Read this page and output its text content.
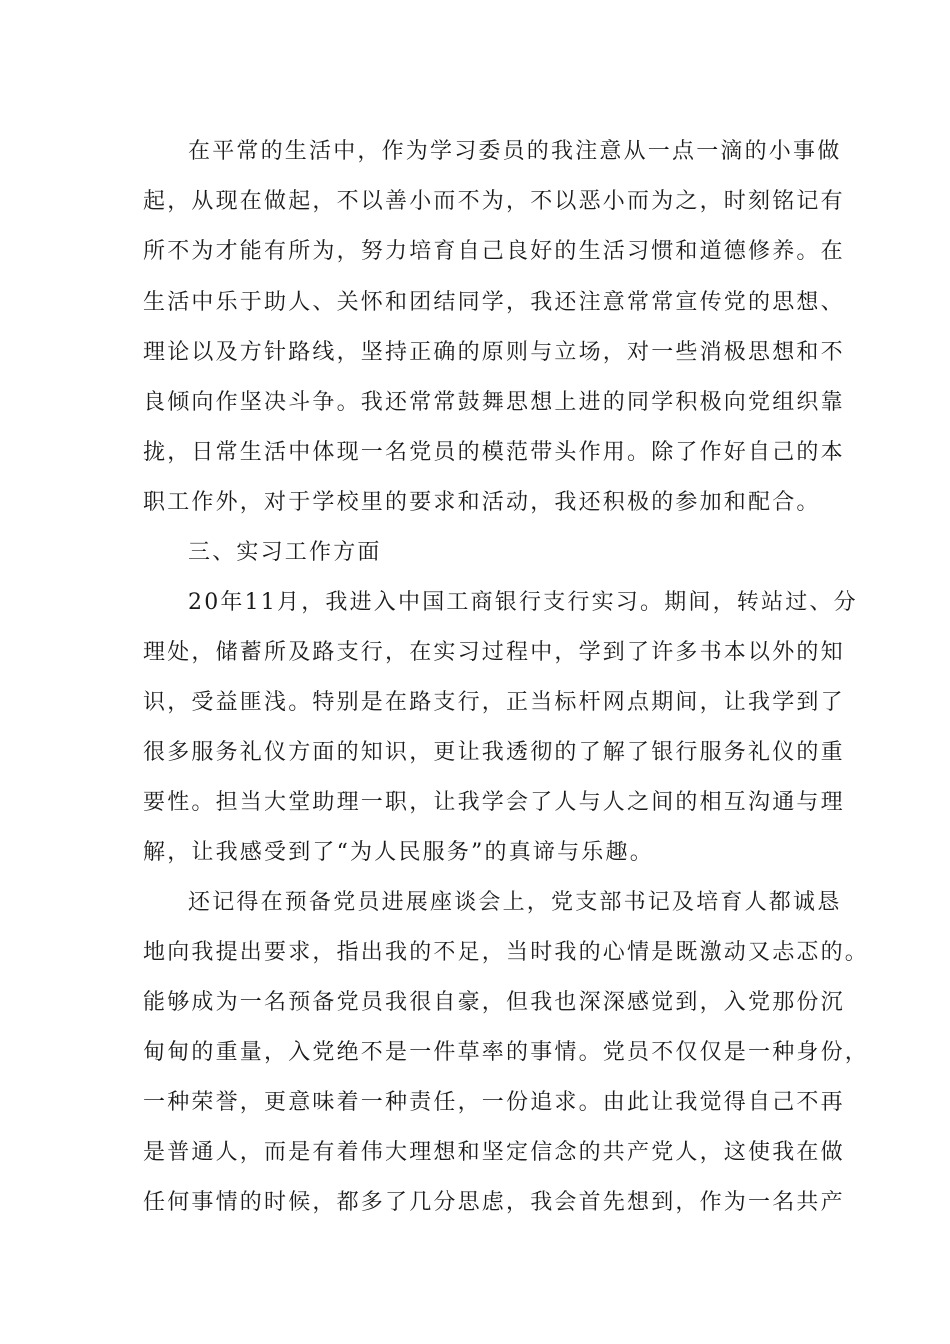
在平常的生活中，作为学习委员的我注意从一点一滴的小事做
起，从现在做起，不以善小而不为，不以恶小而为之，时刻铭记有
所不为才能有所为，努力培育自己良好的生活习惯和道德修养。在
生活中乐于助人、关怀和团结同学，我还注意常常宣传党的思想、
理论以及方针路线，坚持正确的原则与立场，对一些消极思想和不
良倾向作坚决斗争。我还常常鼓舞思想上进的同学积极向党组织靠
拢，日常生活中体现一名党员的模范带头作用。除了作好自己的本
职工作外，对于学校里的要求和活动，我还积极的参加和配合。
三、实习工作方面
20年11月，我进入中国工商银行支行实习。期间，转站过、分
理处，储蓄所及路支行，在实习过程中，学到了许多书本以外的知
识，受益匪浅。特别是在路支行，正当标杆网点期间，让我学到了
很多服务礼仪方面的知识，更让我透彻的了解了银行服务礼仪的重
要性。担当大堂助理一职，让我学会了人与人之间的相互沟通与理
解，让我感受到了“为人民服务”的真谛与乐趣。
还记得在预备党员进展座谈会上，党支部书记及培育人都诚恳
地向我提出要求，指出我的不足，当时我的心情是既激动又忐忑的。
能够成为一名预备党员我很自豪，但我也深深感觉到，入党那份沉
甸甸的重量，入党绝不是一件草率的事情。党员不仅仅是一种身份，
一种荣誉，更意味着一种责任，一份追求。由此让我觉得自己不再
是普通人，而是有着伟大理想和坚定信念的共产党人，这使我在做
任何事情的时候，都多了几分思虑，我会首先想到，作为一名共产
